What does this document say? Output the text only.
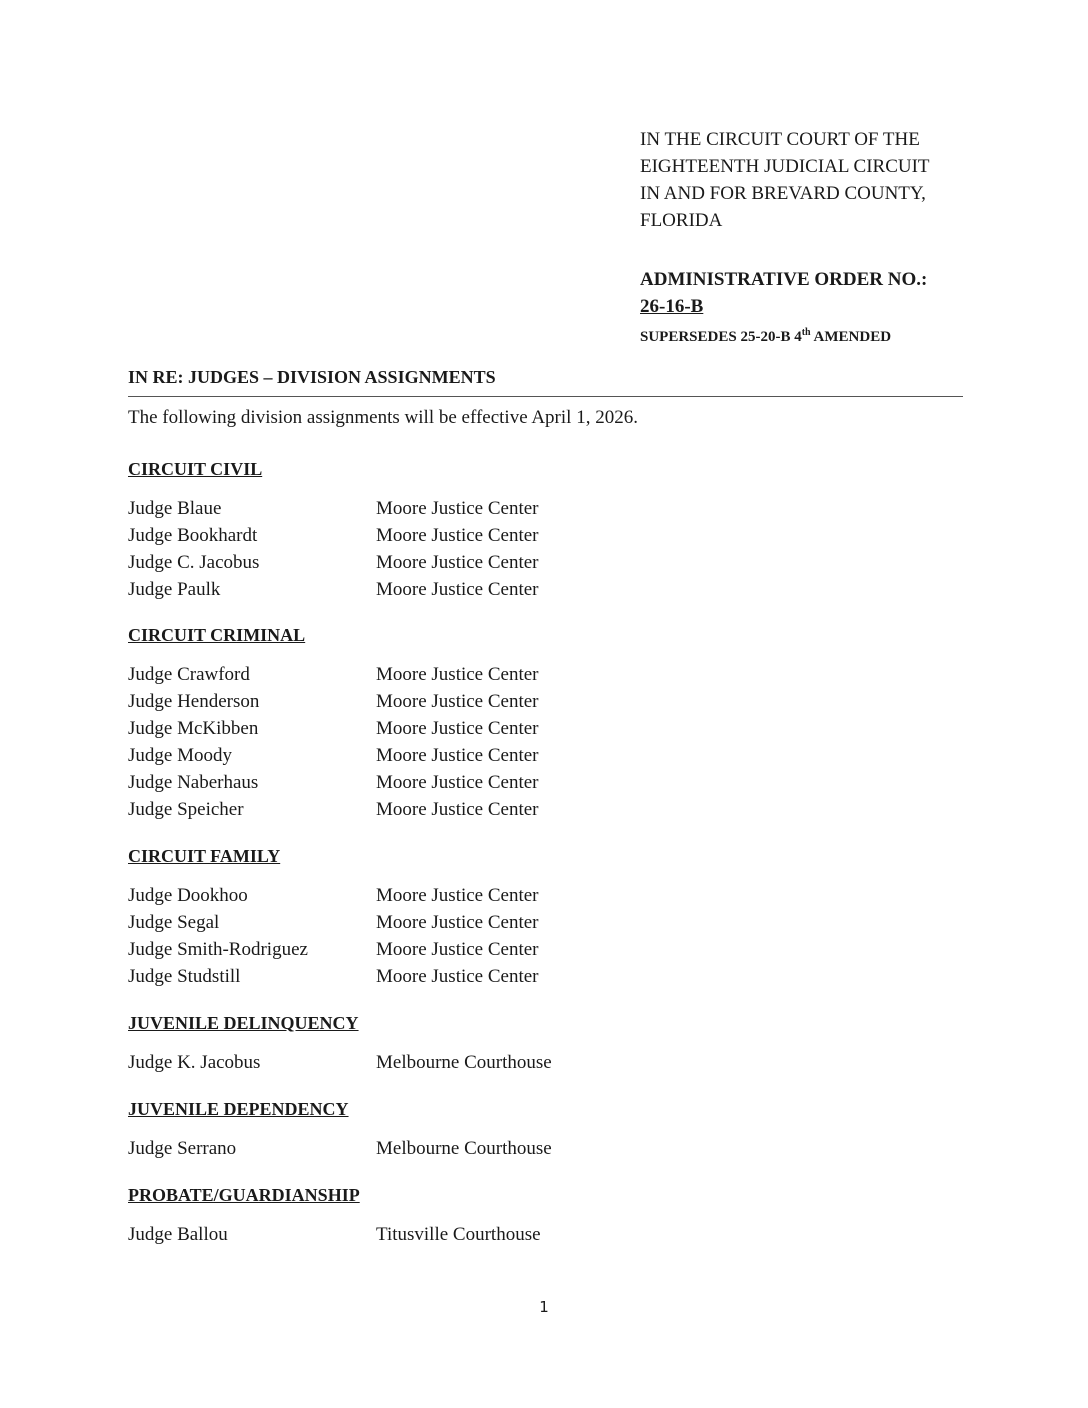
IN THE CIRCUIT COURT OF THE
EIGHTEENTH JUDICIAL CIRCUIT
IN AND FOR BREVARD COUNTY,
FLORIDA
ADMINISTRATIVE ORDER NO.:
26-16-B
SUPERSEDES 25-20-B 4th AMENDED
IN RE: JUDGES – DIVISION ASSIGNMENTS
The following division assignments will be effective April 1, 2026.
CIRCUIT CIVIL
Judge Blaue	Moore Justice Center
Judge Bookhardt	Moore Justice Center
Judge C. Jacobus	Moore Justice Center
Judge Paulk	Moore Justice Center
CIRCUIT CRIMINAL
Judge Crawford	Moore Justice Center
Judge Henderson	Moore Justice Center
Judge McKibben	Moore Justice Center
Judge Moody	Moore Justice Center
Judge Naberhaus	Moore Justice Center
Judge Speicher	Moore Justice Center
CIRCUIT FAMILY
Judge Dookhoo	Moore Justice Center
Judge Segal	Moore Justice Center
Judge Smith-Rodriguez	Moore Justice Center
Judge Studstill	Moore Justice Center
JUVENILE DELINQUENCY
Judge K. Jacobus	Melbourne Courthouse
JUVENILE DEPENDENCY
Judge Serrano	Melbourne Courthouse
PROBATE/GUARDIANSHIP
Judge Ballou	Titusville Courthouse
1
